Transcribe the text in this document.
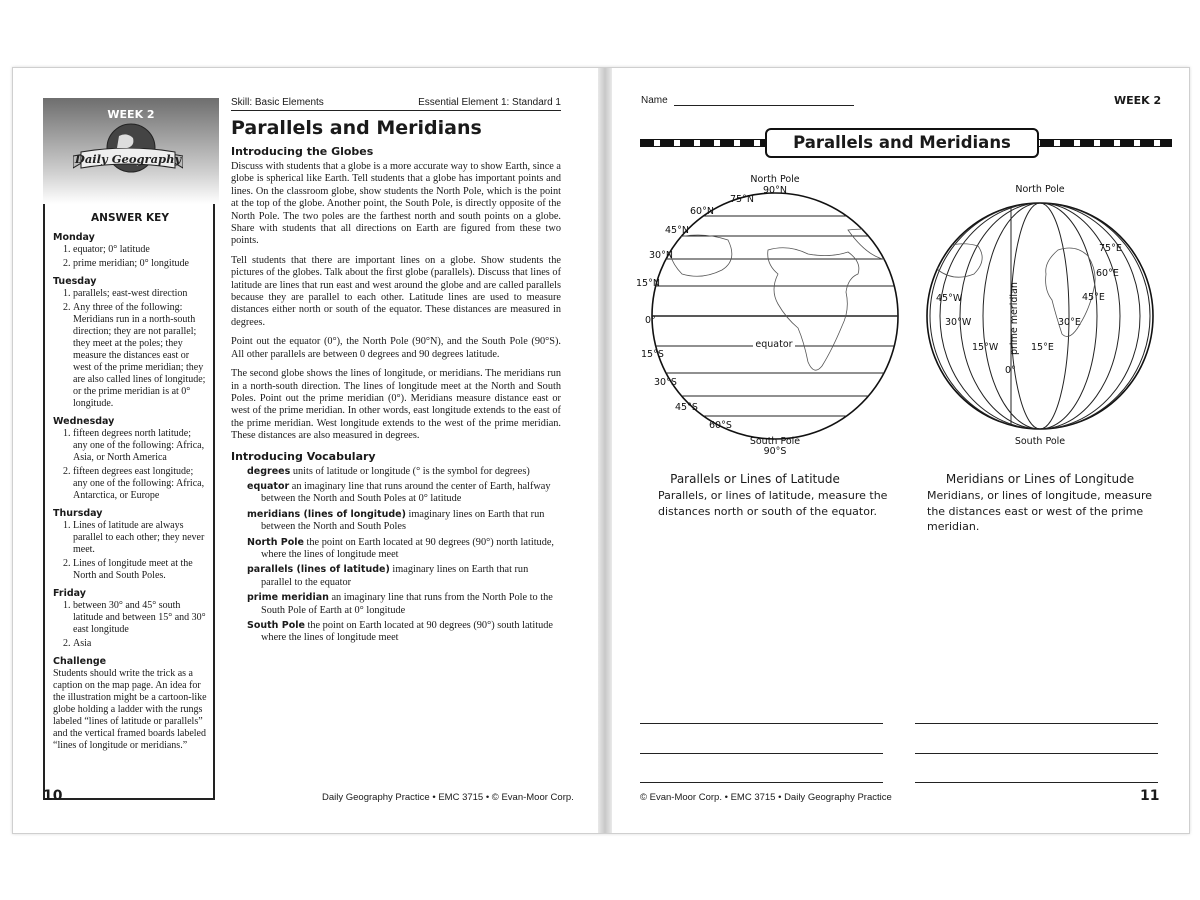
WEEK 2
Daily Geography
ANSWER KEY
Monday
1. equator; 0° latitude
2. prime meridian; 0° longitude
Tuesday
1. parallels; east-west direction
2. Any three of the following: Meridians run in a north-south direction; they are not parallel; they meet at the poles; they measure the distances east or west of the prime meridian; they are also called lines of longitude; or the prime meridian is at 0° longitude.
Wednesday
1. fifteen degrees north latitude; any one of the following: Africa, Asia, or North America
2. fifteen degrees east longitude; any one of the following: Africa, Antarctica, or Europe
Thursday
1. Lines of latitude are always parallel to each other; they never meet.
2. Lines of longitude meet at the North and South Poles.
Friday
1. between 30° and 45° south latitude and between 15° and 30° east longitude
2. Asia
Challenge

Students should write the trick as a caption on the map page. An idea for the illustration might be a cartoon-like globe holding a ladder with the rungs labeled “lines of latitude or parallels” and the vertical framed boards labeled “lines of longitude or meridians.”

Skill: Basic Elements	Essential Element 1: Standard 1
Parallels and Meridians
Introducing the Globes

Discuss with students that a globe is a more accurate way to show Earth, since a globe is spherical like Earth. Tell students that a globe has important points and lines. On the classroom globe, show students the North Pole, which is the point at the top of the globe. Another point, the South Pole, is directly opposite of the North Pole. The two poles are the farthest north and south points on a globe. Share with students that all directions on Earth are figured from these two points.

Tell students that there are important lines on a globe. Show students the pictures of the globes. Talk about the first globe (parallels). Discuss that lines of latitude are lines that run east and west around the globe and are called parallels because they are parallel to each other. Latitude lines are used to measure distances either north or south of the equator. These distances are measured in degrees.

Point out the equator (0°), the North Pole (90°N), and the South Pole (90°S). All other parallels are between 0 degrees and 90 degrees latitude.

The second globe shows the lines of longitude, or meridians. The meridians run in a north-south direction. The lines of longitude meet at the North and South Poles. Point out the prime meridian (0°). Meridians measure distance east or west of the prime meridian. In other words, east longitude extends to the east of the prime meridian. West longitude extends to the west of the prime meridian. These distances are also measured in degrees.

Introducing Vocabulary
degrees units of latitude or longitude (° is the symbol for degrees)
equator an imaginary line that runs around the center of Earth, halfway between the North and South Poles at 0° latitude
meridians (lines of longitude) imaginary lines on Earth that run between the North and South Poles
North Pole the point on Earth located at 90 degrees (90°) north latitude, where the lines of longitude meet
parallels (lines of latitude) imaginary lines on Earth that run parallel to the equator
prime meridian an imaginary line that runs from the North Pole to the South Pole of Earth at 0° longitude
South Pole the point on Earth located at 90 degrees (90°) south latitude where the lines of longitude meet
10	Daily Geography Practice • EMC 3715 • © Evan-Moor Corp.
Name	WEEK 2
Parallels and Meridians
North Pole
90°N
75°N
60°N
45°N
30°N
15°N
0°
15°S
30°S
45°S
60°S
equator
South Pole
90°S
North Pole
75°E
60°E
45°E
30°E
15°E
45°W
30°W
15°W
0°
prime meridian
South Pole
Parallels or Lines of Latitude
Parallels, or lines of latitude, measure the distances north or south of the equator.
Meridians or Lines of Longitude
Meridians, or lines of longitude, measure the distances east or west of the prime meridian.
© Evan-Moor Corp. • EMC 3715 • Daily Geography Practice	11
